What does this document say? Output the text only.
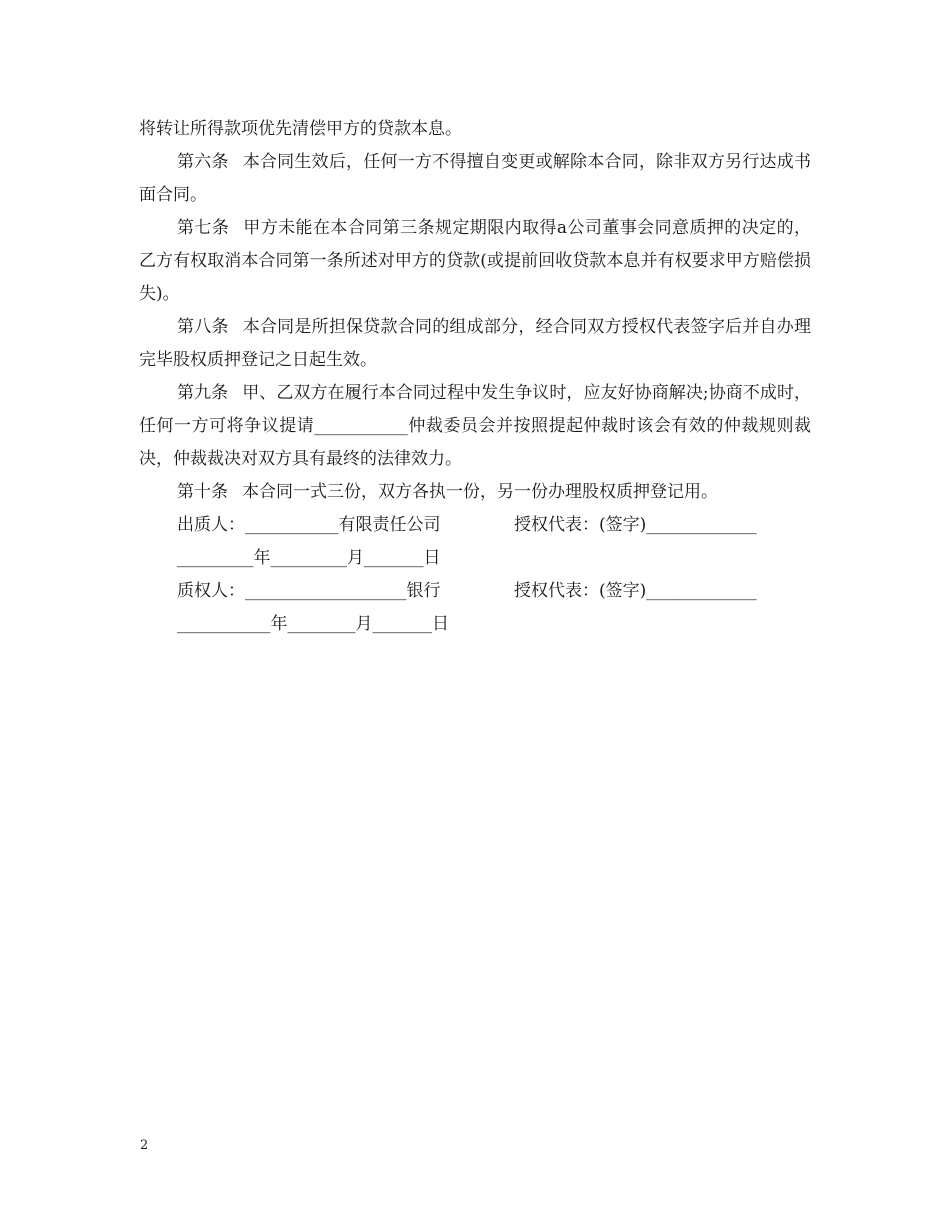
将转让所得款项优先清偿甲方的贷款本息。

第六条 本合同生效后，任何一方不得擅自变更或解除本合同，除非双方另行达成书面合同。

第七条 甲方未能在本合同第三条规定期限内取得a公司董事会同意质押的决定的，乙方有权取消本合同第一条所述对甲方的贷款(或提前回收贷款本息并有权要求甲方赔偿损失)。

第八条 本合同是所担保贷款合同的组成部分，经合同双方授权代表签字后并自办理完毕股权质押登记之日起生效。

第九条 甲、乙双方在履行本合同过程中发生争议时，应友好协商解决;协商不成时，任何一方可将争议提请___________仲裁委员会并按照提起仲裁时该会有效的仲裁规则裁决，仲裁裁决对双方具有最终的法律效力。

第十条 本合同一式三份，双方各执一份，另一份办理股权质押登记用。

出质人：___________有限责任公司	授权代表：(签字)_____________

_________年_________月_______日

质权人：___________________银行	授权代表：(签字)_____________

___________年________月_______日

2
